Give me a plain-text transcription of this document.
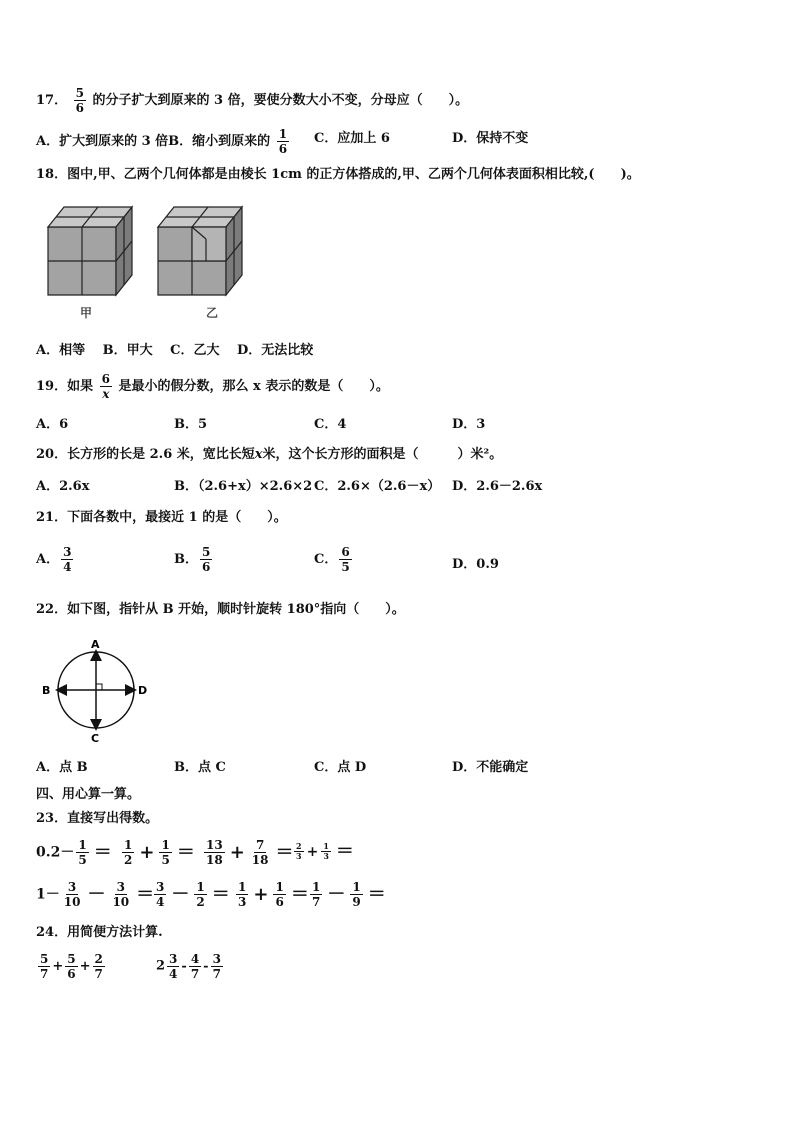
17． $\frac{5}{6}$ 的分子扩大到原来的 3 倍，要使分数大小不变，分母应（　　）。
A．扩大到原来的 3 倍B．缩小到原来的 $\frac{1}{6}$ C．应加上 6	D．保持不变
18．图中,甲、乙两个几何体都是由棱长 1cm 的正方体搭成的,甲、乙两个几何体表面积相比较,(　　)。
甲	乙
A．相等　 B．甲大　 C．乙大　 D．无法比较
19．如果 $\frac{6}{x}$ 是最小的假分数，那么 x 表示的数是（　　）。
A．6	B．5	C．4	D．3
20．长方形的长是 2.6 米，宽比长短x米，这个长方形的面积是（　　　）米²。
A．2.6x	B．（2.6+x）×2.6×2 C．2.6×（2.6－x） D．2.6－2.6x
21．下面各数中，最接近 1 的是（　　）。
A． $\frac{3}{4}$	B． $\frac{5}{6}$	C． $\frac{6}{5}$	D．0.9
22．如下图，指针从 B 开始，顺时针旋转 180°指向（　　）。
A
B
C
D
A．点 B	B．点 C	C．点 D	D．不能确定
四、用心算一算。
23．直接写出得数。
$0.2- \frac{1}{5} = \frac{1}{2} + \frac{1}{5} = \frac{13}{18} + \frac{7}{18} = \frac{2}{3} + \frac{1}{3}$ ＝
$1- \frac{3}{10} - \frac{3}{10} = \frac{3}{4} - \frac{1}{2} = \frac{1}{3} + \frac{1}{6} = \frac{1}{7} - \frac{1}{9}$ ＝
24．用简便方法计算.
$\frac{5}{7} + \frac{5}{6} + \frac{2}{7}$	$2 \frac{3}{4} - \frac{4}{7} - \frac{3}{7}$
